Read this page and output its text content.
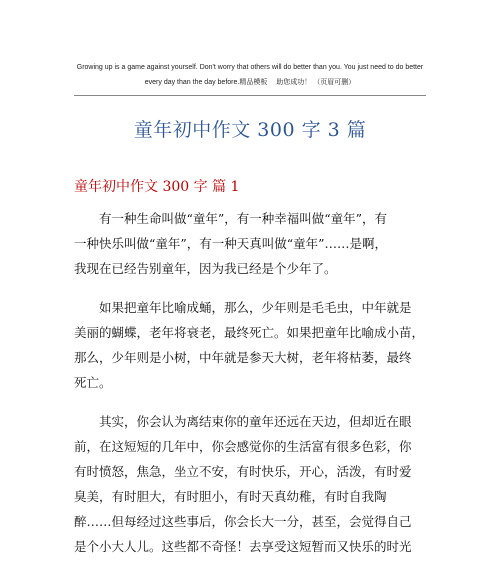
Growing up is a game against yourself. Don't worry that others will do better than you. You just need to do better
every day than the day before.精品模板　 助您成功！ （页眉可删）
童年初中作文 300 字 3 篇
童年初中作文 300 字 篇 1

有一种生命叫做“童年”，有一种幸福叫做“童年”，有
一种快乐叫做“童年”，有一种天真叫做“童年”……是啊，
我现在已经告别童年，因为我已经是个少年了。

如果把童年比喻成蛹，那么，少年则是毛毛虫，中年就是
美丽的蝴蝶，老年将衰老，最终死亡。如果把童年比喻成小苗，
那么，少年则是小树，中年就是参天大树，老年将枯萎，最终
死亡。

其实，你会认为离结束你的童年还远在天边，但却近在眼
前，在这短短的几年中，你会感觉你的生活富有很多色彩，你
有时愤怒，焦急，坐立不安，有时快乐，开心，活泼，有时爱
臭美，有时胆大，有时胆小，有时天真幼稚，有时自我陶
醉……但每经过这些事后，你会长大一分，甚至，会觉得自己
是个小大人儿。这些都不奇怪！去享受这短暂而又快乐的时光
